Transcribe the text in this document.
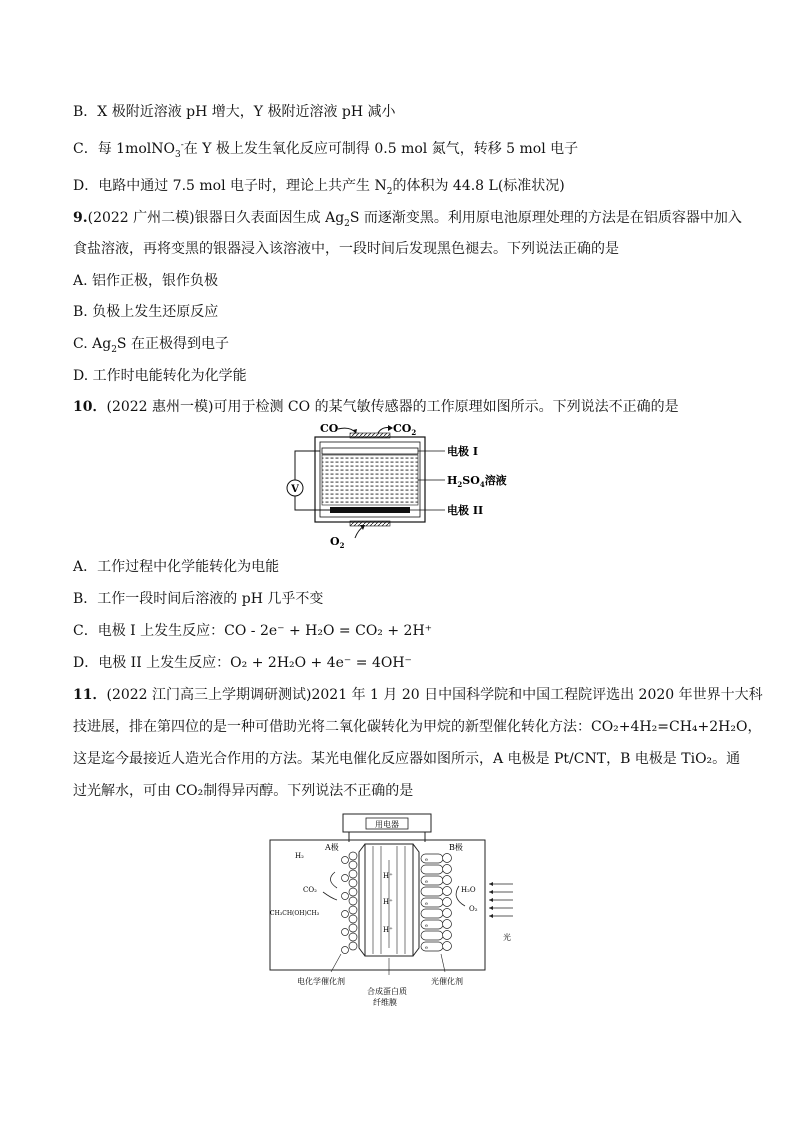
B．X 极附近溶液 pH 增大，Y 极附近溶液 pH 减小
C．每 1molNO$_3$-在 Y 极上发生氧化反应可制得 0.5 mol 氮气，转移 5 mol 电子
D．电路中通过 7.5 mol 电子时，理论上共产生 $N_2$的体积为 44.8 L(标准状况)
9.(2022 广州二模)银器日久表面因生成 $Ag_2S$ 而逐渐变黑。利用原电池原理处理的方法是在铝质容器中加入
食盐溶液，再将变黑的银器浸入该溶液中，一段时间后发现黑色褪去。下列说法正确的是
A. 铝作正极，银作负极
B. 负极上发生还原反应
C. $Ag_2S$ 在正极得到电子
D. 工作时电能转化为化学能
10．(2022 惠州一模)可用于检测 CO 的某气敏传感器的工作原理如图所示。下列说法不正确的是
V
CO	$CO_2$
$O_2$
电极 I
$H_2SO_4$溶液
电极 II
A．工作过程中化学能转化为电能
B．工作一段时间后溶液的 pH 几乎不变
C．电极 I 上发生反应：CO - 2e⁻ + H₂O = CO₂ + 2H⁺
D．电极 II 上发生反应：O₂ + 2H₂O + 4e⁻ = 4OH⁻
11．(2022 江门高三上学期调研测试)2021 年 1 月 20 日中国科学院和中国工程院评选出 2020 年世界十大科
技进展，排在第四位的是一种可借助光将二氧化碳转化为甲烷的新型催化转化方法：CO₂+4H₂=CH₄+2H₂O，
这是迄今最接近人造光合作用的方法。某光电催化反应器如图所示，A 电极是 Pt/CNT，B 电极是 TiO₂。通
过光解水，可由 CO₂制得异丙醇。下列说法不正确的是
用电器
H⁺
H⁺
H⁺
e
e
e
e
e
A极	B极
H₂
CO₂
CH₃CH(OH)CH₃
H₂O
O₂
光
电化学催化剂
合成蛋白质
纤维膜
光催化剂
